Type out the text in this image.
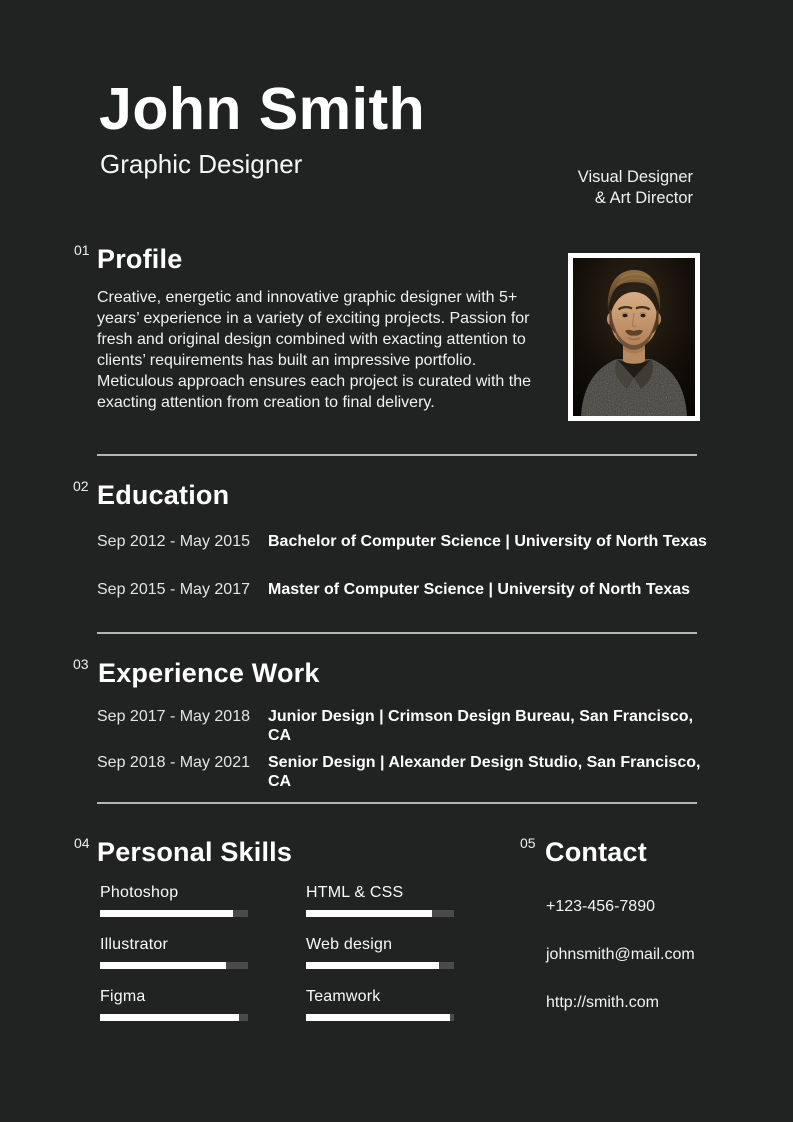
John Smith
Graphic Designer	Visual Designer
& Art Director
01 Profile

Creative, energetic and innovative graphic designer with 5+ years’ experience in a variety of exciting projects. Passion for fresh and original design combined with exacting attention to clients’ requirements has built an impressive portfolio. Meticulous approach ensures each project is curated with the exacting attention from creation to final delivery.

02 Education
Sep 2012 - May 2015	Bachelor of Computer Science | University of North Texas
Sep 2015 - May 2017	Master of Computer Science | University of North Texas
03 Experience Work
Sep 2017 - May 2018	Junior Design | Crimson Design Bureau, San Francisco, CA
Sep 2018 - May 2021	Senior Design | Alexander Design Studio, San Francisco, CA
04 Personal Skills
Photoshop
Illustrator
Figma
HTML & CSS
Web design
Teamwork
05 Contact
+123-456-7890
johnsmith@mail.com
http://smith.com
